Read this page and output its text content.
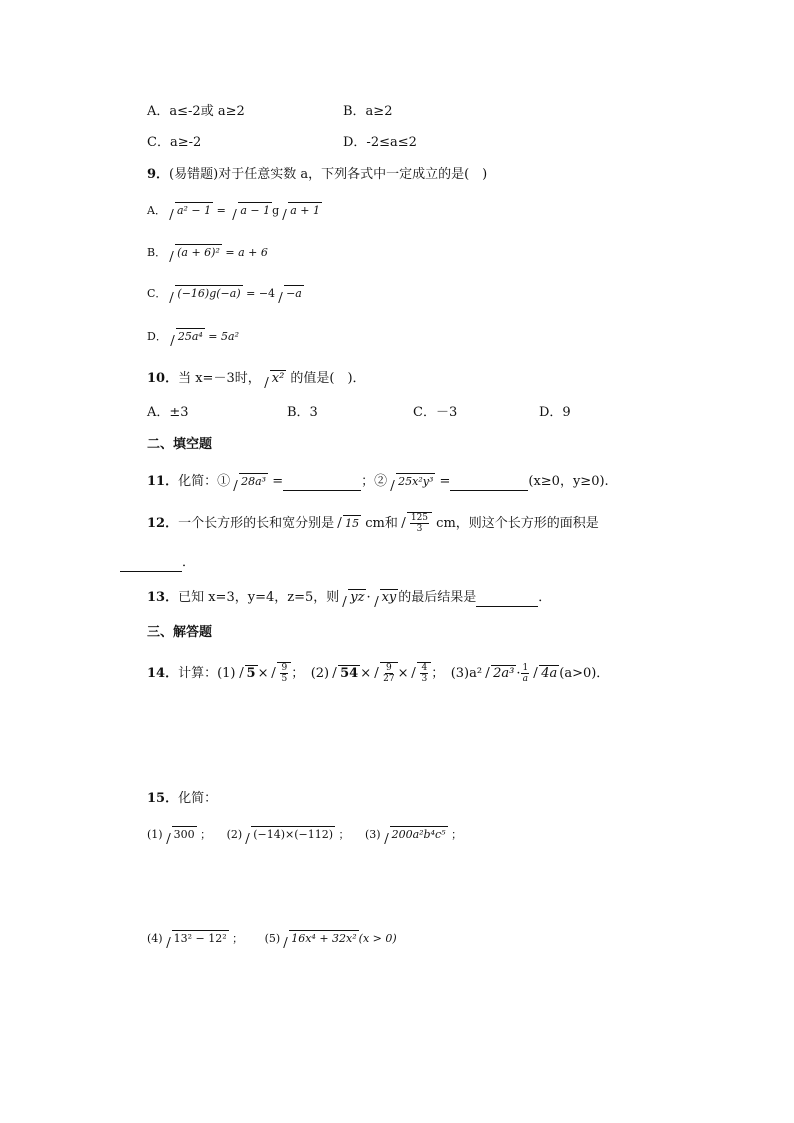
A．a≤-2或 a≥2	B．a≥2
C．a≥-2	D．-2≤a≤2
9．(易错题)对于任意实数 a，下列各式中一定成立的是(　)
A． a² − 1 = a − 1 g a + 1
B． (a + 6)² = a + 6
C． (−16)g(−a) = −4 −a
D． 25a⁴ = 5a²
10．当 x=－3时， x² 的值是(　)．
A．±3	B．3	C．－3	D．9
二、填空题
11．化简：① 28a³ =	；② 25x²y³ =	(x≥0，y≥0).
12．一个长方形的长和宽分别是 15 cm和 $\frac{125}{3}$ cm，则这个长方形的面积是
．
13．已知 x=3，y=4，z=5，则 yz · xy 的最后结果是	．
三、解答题
14．计算：(1) $5 \times \frac{9}{5}$ ；　(2) $54 \times \frac{9}{27} \times \frac{4}{3}$ ；　(3)a² $2a^3 \cdot \frac{1}{a} 4a$ (a>0)．
15．化简：
(1) 300 ； (2) (−14)×(−112) ； (3) 200a²b⁴c⁵ ；
(4) 13² − 12² ； (5) 16x⁴ + 32x² (x > 0)
